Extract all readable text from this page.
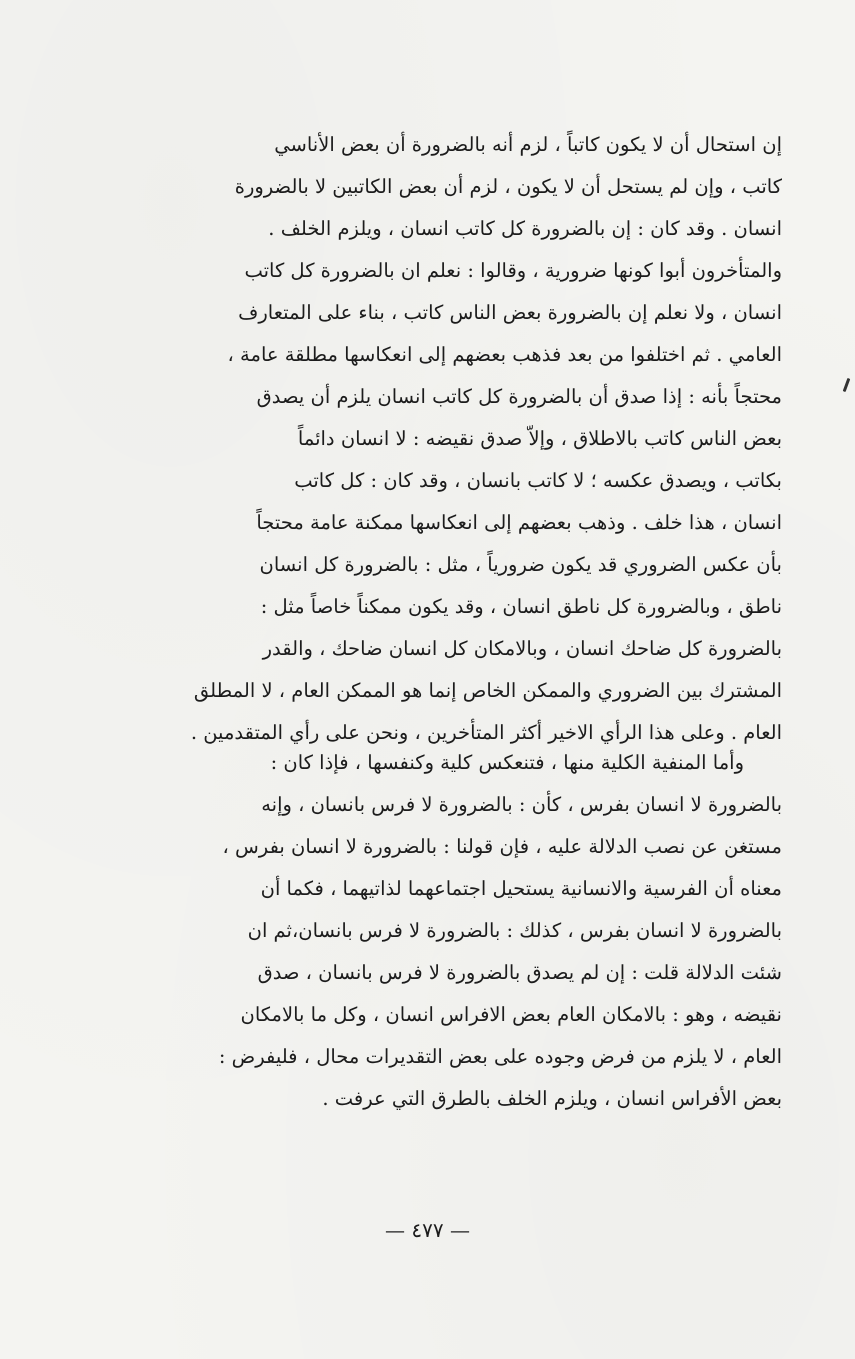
إن استحال أن لا يكون كاتباً ، لزم أنه بالضرورة أن بعض الأناسي
كاتب ، وإن لم يستحل أن لا يكون ، لزم أن بعض الكاتبين لا بالضرورة
انسان . وقد كان : إن بالضرورة كل كاتب انسان ، ويلزم الخلف .
والمتأخرون أبوا كونها ضرورية ، وقالوا : نعلم ان بالضرورة كل كاتب
انسان ، ولا نعلم إن بالضرورة بعض الناس كاتب ، بناء على المتعارف
العامي . ثم اختلفوا من بعد فذهب بعضهم إلى انعكاسها مطلقة عامة ،
محتجاً بأنه : إذا صدق أن بالضرورة كل كاتب انسان يلزم أن يصدق
بعض الناس كاتب بالاطلاق ، وإلاّ صدق نقيضه : لا انسان دائماً
بكاتب ، ويصدق عكسه ؛ لا كاتب بانسان ، وقد كان : كل كاتب
انسان ، هذا خلف . وذهب بعضهم إلى انعكاسها ممكنة عامة محتجاً
بأن عكس الضروري قد يكون ضرورياً ، مثل : بالضرورة كل انسان
ناطق ، وبالضرورة كل ناطق انسان ، وقد يكون ممكناً خاصاً مثل :
بالضرورة كل ضاحك انسان ، وبالامكان كل انسان ضاحك ، والقدر
المشترك بين الضروري والممكن الخاص إنما هو الممكن العام ، لا المطلق
العام . وعلى هذا الرأي الاخير أكثر المتأخرين ، ونحن على رأي المتقدمين .
وأما المنفية الكلية منها ، فتنعكس كلية وكنفسها ، فإذا كان :
بالضرورة لا انسان بفرس ، كأن : بالضرورة لا فرس بانسان ، وإنه
مستغن عن نصب الدلالة عليه ، فإن قولنا : بالضرورة لا انسان بفرس ،
معناه أن الفرسية والانسانية يستحيل اجتماعهما لذاتيهما ، فكما أن
بالضرورة لا انسان بفرس ، كذلك : بالضرورة لا فرس بانسان،ثم ان
شئت الدلالة قلت : إن لم يصدق بالضرورة لا فرس بانسان ، صدق
نقيضه ، وهو : بالامكان العام بعض الافراس انسان ، وكل ما بالامكان
العام ، لا يلزم من فرض وجوده على بعض التقديرات محال ، فليفرض :
بعض الأفراس انسان ، ويلزم الخلف بالطرق التي عرفت .
— ٤٧٧ —
